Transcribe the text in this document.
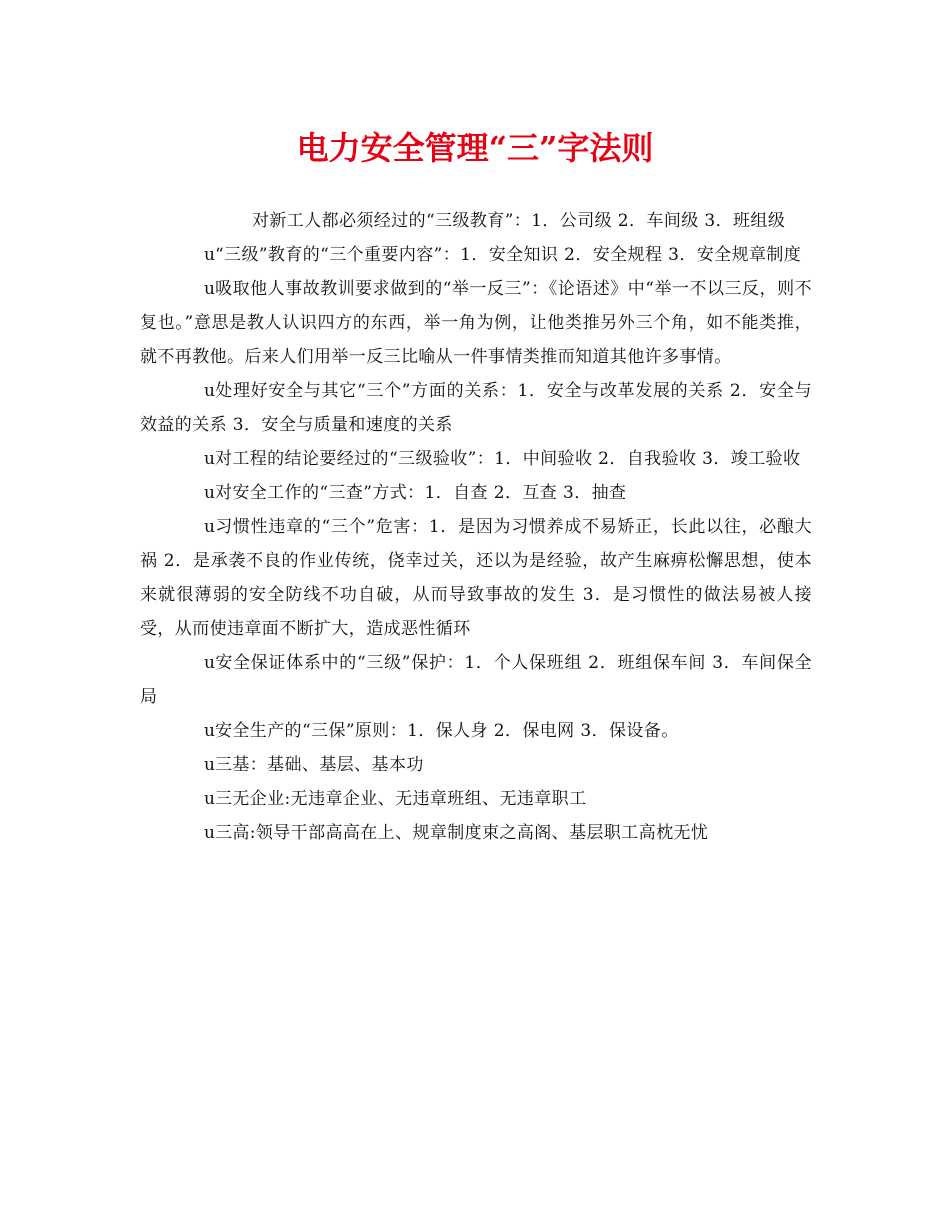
电力安全管理“三”字法则

对新工人都必须经过的“三级教育”：1．公司级 2．车间级 3．班组级

u“三级”教育的“三个重要内容”：1．安全知识 2．安全规程 3．安全规章制度

u吸取他人事故教训要求做到的“举一反三”：《论语述》中“举一不以三反，则不复也。”意思是教人认识四方的东西，举一角为例，让他类推另外三个角，如不能类推，就不再教他。后来人们用举一反三比喻从一件事情类推而知道其他许多事情。

u处理好安全与其它“三个”方面的关系：1．安全与改革发展的关系 2．安全与效益的关系 3．安全与质量和速度的关系

u对工程的结论要经过的“三级验收”：1．中间验收 2．自我验收 3．竣工验收

u对安全工作的“三查”方式：1．自查 2．互查 3．抽查

u习惯性违章的“三个”危害：1．是因为习惯养成不易矫正，长此以往，必酿大祸 2．是承袭不良的作业传统，侥幸过关，还以为是经验，故产生麻痹松懈思想，使本来就很薄弱的安全防线不功自破，从而导致事故的发生 3．是习惯性的做法易被人接受，从而使违章面不断扩大，造成恶性循环

u安全保证体系中的“三级”保护：1．个人保班组 2．班组保车间 3．车间保全局

u安全生产的“三保”原则：1．保人身 2．保电网 3．保设备。

u三基：基础、基层、基本功

u三无企业:无违章企业、无违章班组、无违章职工

u三高:领导干部高高在上、规章制度束之高阁、基层职工高枕无忧
